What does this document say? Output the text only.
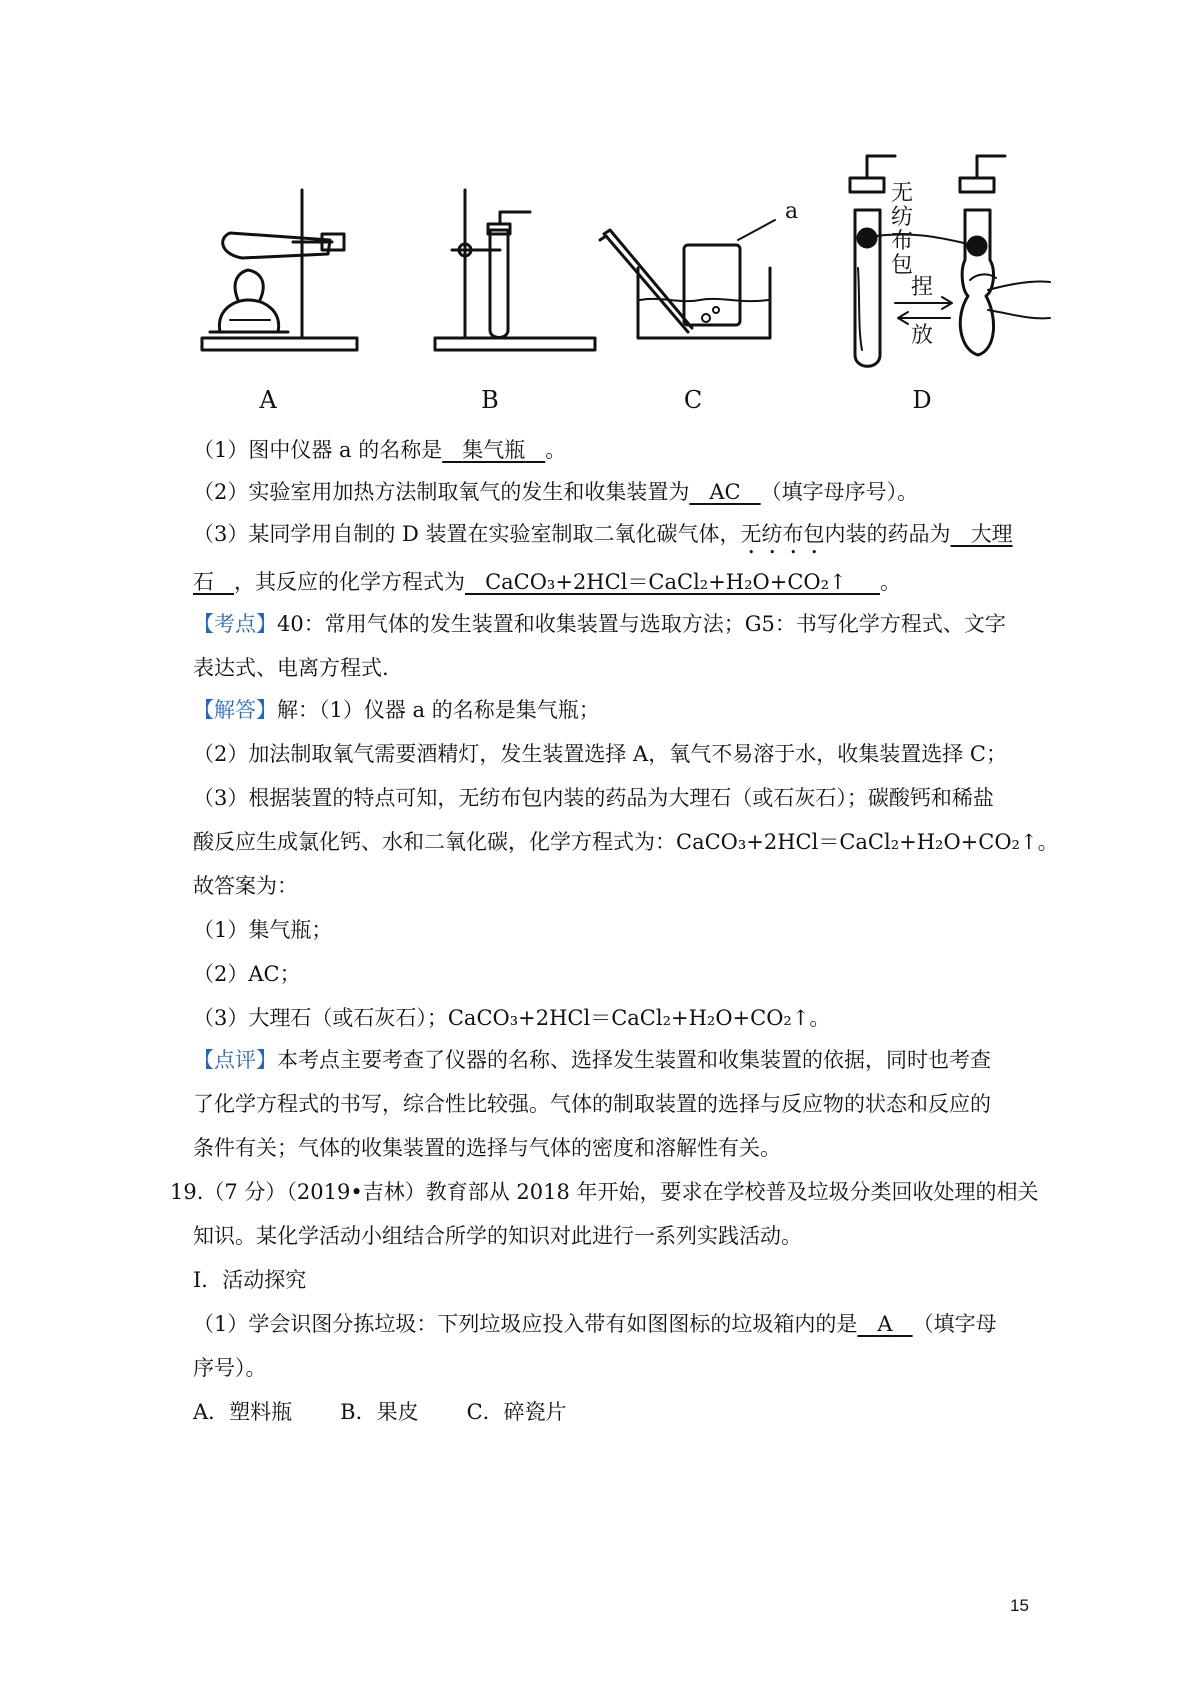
A	B	C	D
a
无
纺
布
包
捏
放
（1）图中仪器 a 的名称是 集气瓶 。
（2）实验室用加热方法制取氧气的发生和收集装置为 AC （填字母序号）。
（3）某同学用自制的 D 装置在实验室制取二氧化碳气体，无纺布包内装的药品为 大理
石 ，其反应的化学方程式为 CaCO₃+2HCl＝CaCl₂+H₂O+CO₂↑ 。
【考点】40：常用气体的发生装置和收集装置与选取方法；G5：书写化学方程式、文字
表达式、电离方程式.
【解答】解：（1）仪器 a 的名称是集气瓶；
（2）加法制取氧气需要酒精灯，发生装置选择 A，氧气不易溶于水，收集装置选择 C；
（3）根据装置的特点可知，无纺布包内装的药品为大理石（或石灰石）；碳酸钙和稀盐
酸反应生成氯化钙、水和二氧化碳，化学方程式为：CaCO₃+2HCl＝CaCl₂+H₂O+CO₂↑。
故答案为：
（1）集气瓶；
（2）AC；
（3）大理石（或石灰石）；CaCO₃+2HCl＝CaCl₂+H₂O+CO₂↑。
【点评】本考点主要考查了仪器的名称、选择发生装置和收集装置的依据，同时也考查
了化学方程式的书写，综合性比较强。气体的制取装置的选择与反应物的状态和反应的
条件有关；气体的收集装置的选择与气体的密度和溶解性有关。
19.（7 分）（2019•吉林）教育部从 2018 年开始，要求在学校普及垃圾分类回收处理的相关
知识。某化学活动小组结合所学的知识对此进行一系列实践活动。
I．活动探究
（1）学会识图分拣垃圾：下列垃圾应投入带有如图图标的垃圾箱内的是 A （填字母
序号）。
A．塑料瓶 B．果皮 C．碎瓷片
15
